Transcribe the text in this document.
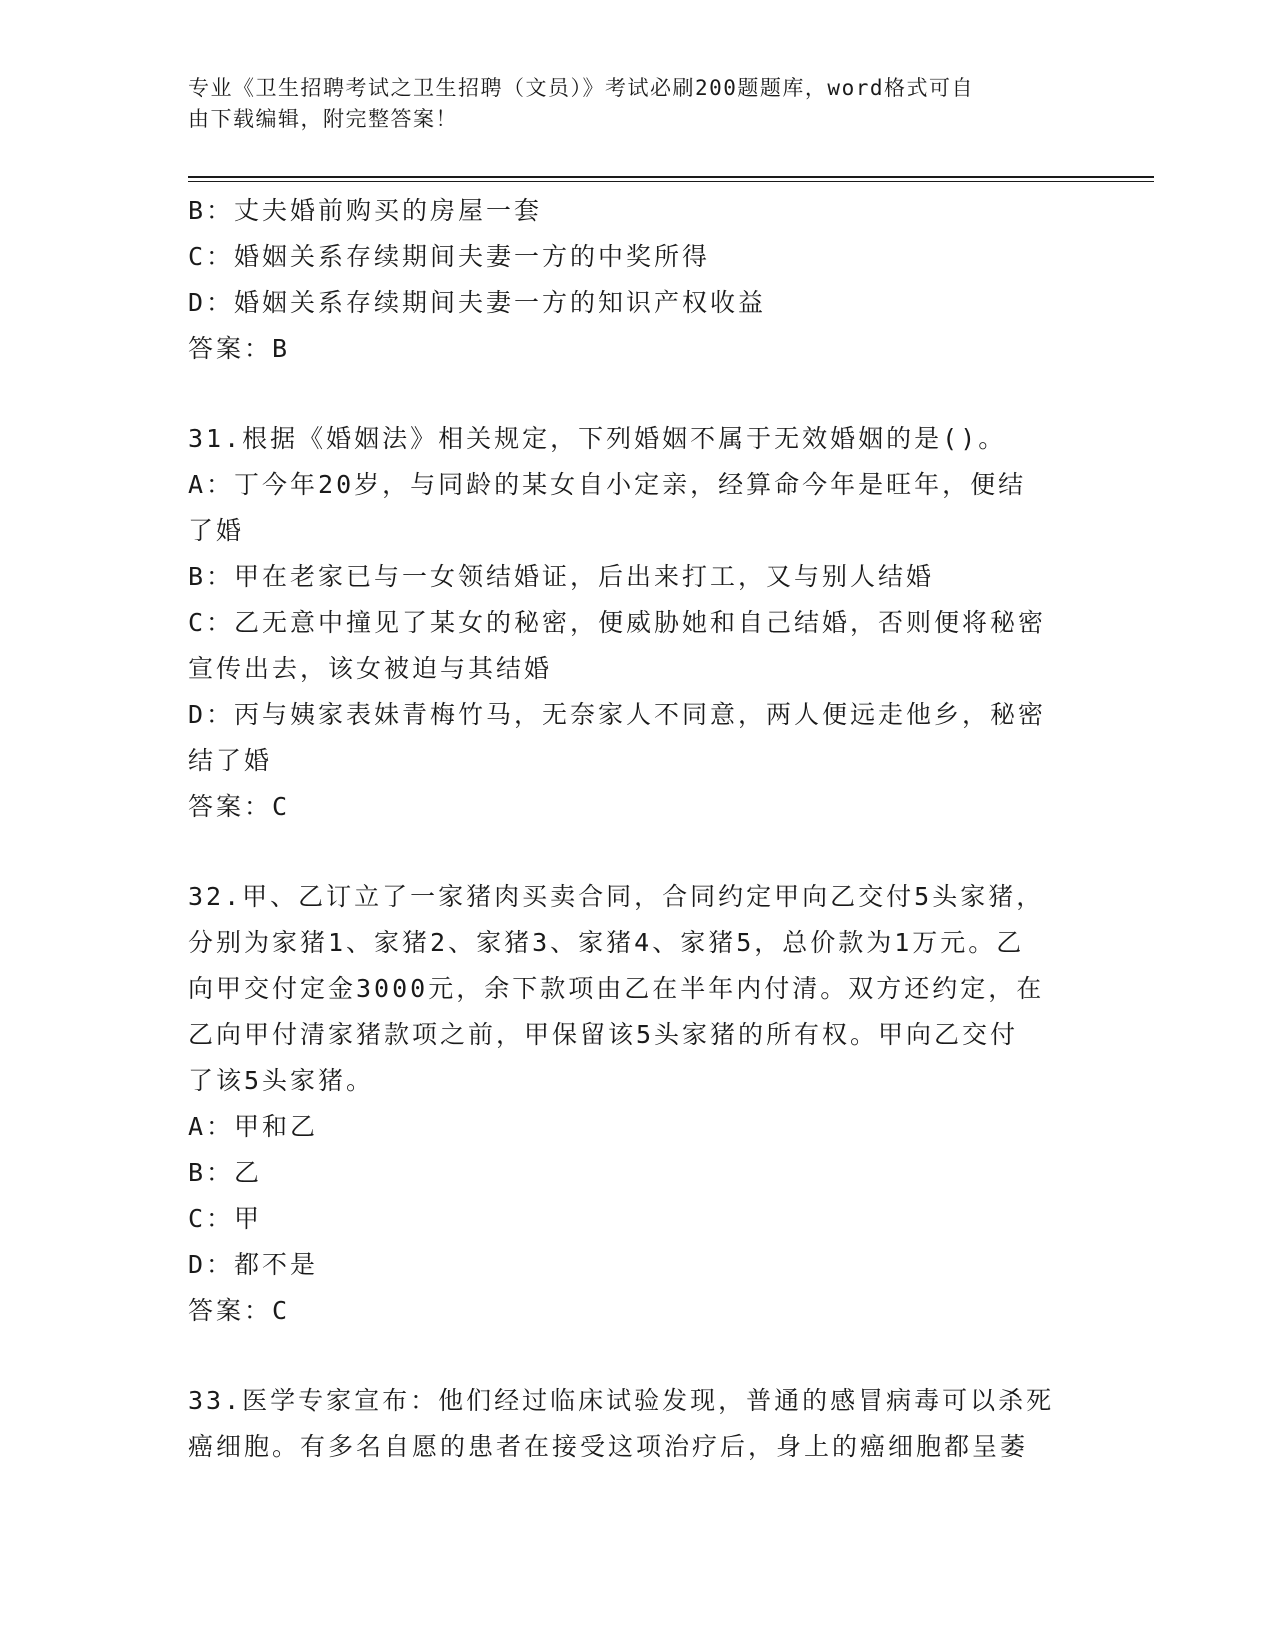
专业《卫生招聘考试之卫生招聘（文员）》考试必刷200题题库，word格式可自
由下载编辑，附完整答案！

B：丈夫婚前购买的房屋一套

C：婚姻关系存续期间夫妻一方的中奖所得

D：婚姻关系存续期间夫妻一方的知识产权收益

答案：B

31.根据《婚姻法》相关规定，下列婚姻不属于无效婚姻的是()。

A：丁今年20岁，与同龄的某女自小定亲，经算命今年是旺年，便结

了婚

B：甲在老家已与一女领结婚证，后出来打工，又与别人结婚

C：乙无意中撞见了某女的秘密，便威胁她和自己结婚，否则便将秘密

宣传出去，该女被迫与其结婚

D：丙与姨家表妹青梅竹马，无奈家人不同意，两人便远走他乡，秘密

结了婚

答案：C

32.甲、乙订立了一家猪肉买卖合同，合同约定甲向乙交付5头家猪，

分别为家猪1、家猪2、家猪3、家猪4、家猪5，总价款为1万元。乙

向甲交付定金3000元，余下款项由乙在半年内付清。双方还约定，在

乙向甲付清家猪款项之前，甲保留该5头家猪的所有权。甲向乙交付

了该5头家猪。

A：甲和乙

B：乙

C：甲

D：都不是

答案：C

33.医学专家宣布：他们经过临床试验发现，普通的感冒病毒可以杀死

癌细胞。有多名自愿的患者在接受这项治疗后，身上的癌细胞都呈萎
